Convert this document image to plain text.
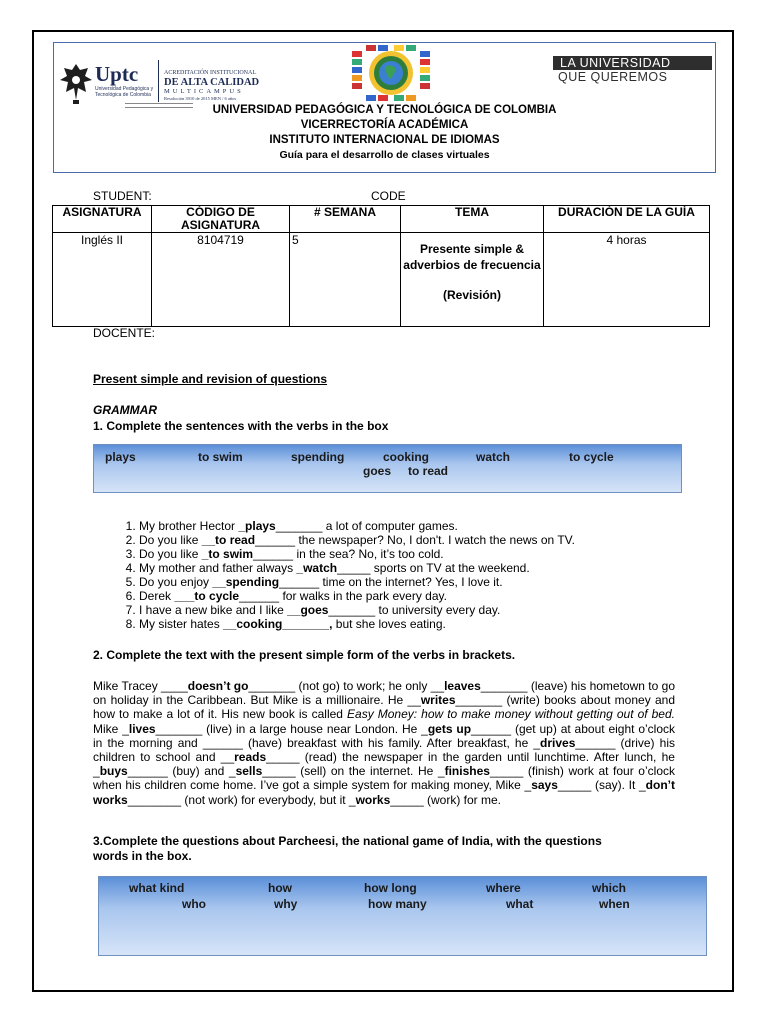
Uptc
Universidad Pedagógica y
Tecnológica de Colombia
ACREDITACIÓN INSTITUCIONAL
DE ALTA CALIDAD
MULTICAMPUS
Resolución 3910 de 2015 MEN / 6 años
LA UNIVERSIDAD
QUE QUEREMOS
UNIVERSIDAD PEDAGÓGICA Y TECNOLÓGICA DE COLOMBIA
VICERRECTORÍA ACADÉMICA
INSTITUTO INTERNACIONAL DE IDIOMAS
Guía para el desarrollo de clases virtuales
STUDENT:	CODE
ASIGNATURA	CÓDIGO DE ASIGNATURA	# SEMANA	TEMA	DURACIÓN DE LA GUÍA
Inglés II	8104719	5	Presente simple &
adverbios de frecuencia

(Revisión)	4 horas
DOCENTE:
Present simple and revision of questions
GRAMMAR
1. Complete the sentences with the verbs in the box
plays	to swim	spending	cooking	watch	to cycle
goes to read
1. My brother Hector _plays_______ a lot of computer games.
2. Do you like __to read______ the newspaper? No, I don't. I watch the news on TV.
3. Do you like _to swim______ in the sea? No, it’s too cold.
4. My mother and father always _watch_____ sports on TV at the weekend.
5. Do you enjoy __spending______ time on the internet? Yes, I love it.
6. Derek ___to cycle______ for walks in the park every day.
7. I have a new bike and I like __goes_______ to university every day.
8. My sister hates __cooking_______, but she loves eating.
2. Complete the text with the present simple form of the verbs in brackets.
Mike Tracey ____doesn’t go_______ (not go) to work; he only __leaves_______ (leave) his hometown to go on holiday in the Caribbean. But Mike is a millionaire. He __writes_______ (write) books about money and how to make a lot of it. His new book is called Easy Money: how to make money without getting out of bed. Mike _lives_______ (live) in a large house near London. He _gets up______ (get up) at about eight o’clock in the morning and ______ (have) breakfast with his family. After breakfast, he _drives______ (drive) his children to school and __reads_____ (read) the newspaper in the garden until lunchtime. After lunch, he _buys______ (buy) and _sells_____ (sell) on the internet. He _finishes_____ (finish) work at four o’clock when his children come home. I’ve got a simple system for making money, Mike _says_____ (say). It _don’t works________ (not work) for everybody, but it _works_____ (work) for me.
3.Complete the questions about Parcheesi, the national game of India, with the questions
words in the box.
what kind	how	how long	where	which
who	why	how many	what	when
